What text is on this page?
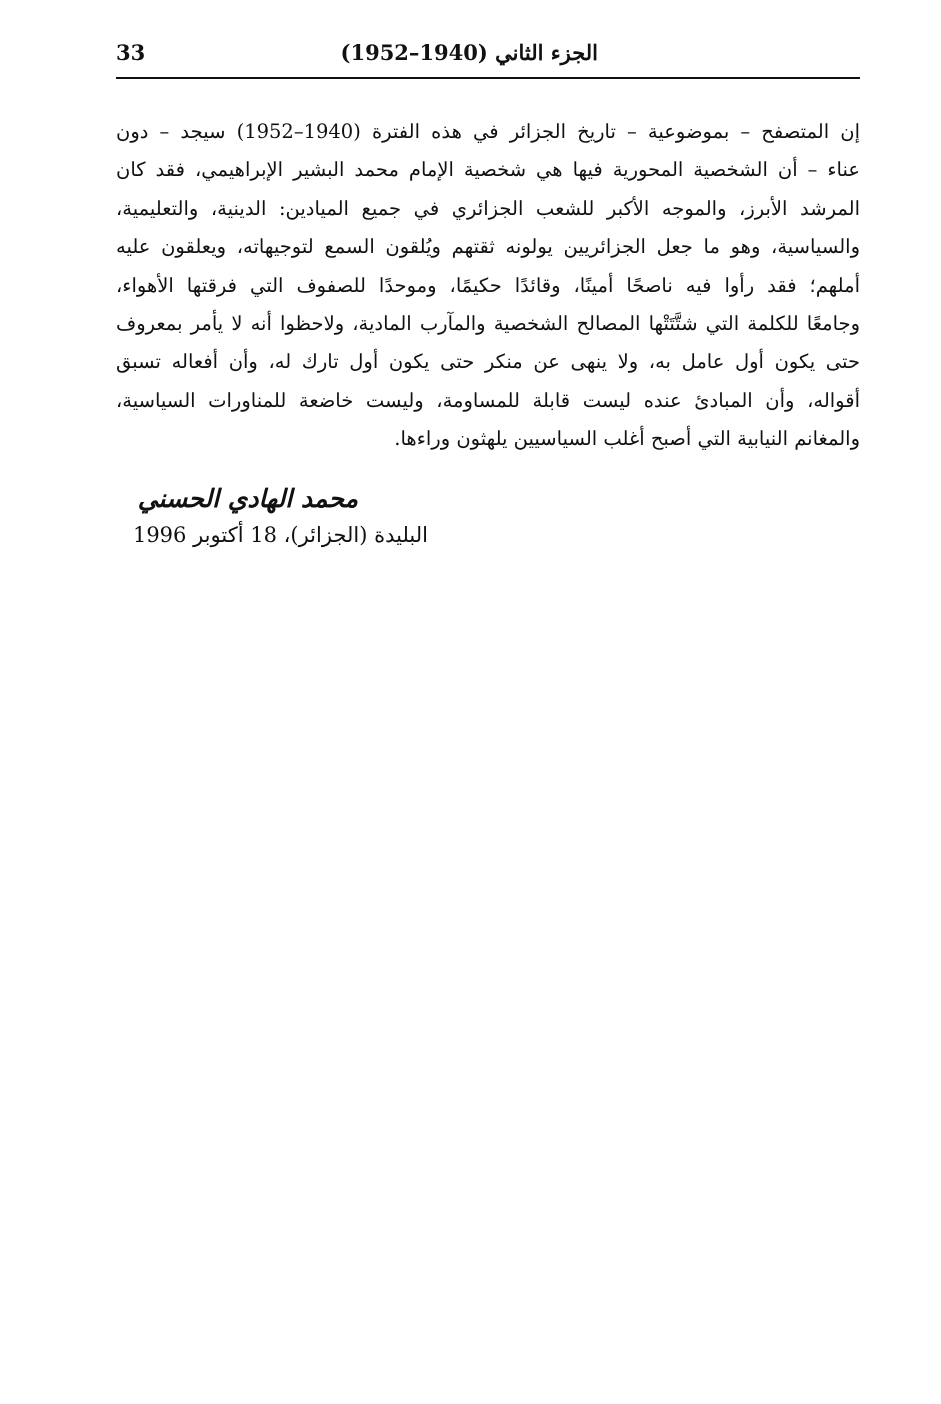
الجزء الثاني (1940–1952)
33
إن المتصفح – بموضوعية – تاريخ الجزائر في هذه الفترة (1940–1952) سيجد – دون
عناء – أن الشخصية المحورية فيها هي شخصية الإمام محمد البشير الإبراهيمي، فقد كان
المرشد الأبرز، والموجه الأكبر للشعب الجزائري في جميع الميادين: الدينية، والتعليمية،
والسياسية، وهو ما جعل الجزائريين يولونه ثقتهم ويُلقون السمع لتوجيهاته، ويعلقون عليه
أملهم؛ فقد رأوا فيه ناصحًا أمينًا، وقائدًا حكيمًا، وموحدًا للصفوف التي فرقتها الأهواء،
وجامعًا للكلمة التي شتَّتَتْها المصالح الشخصية والمآرب المادية، ولاحظوا أنه لا يأمر بمعروف
حتى يكون أول عامل به، ولا ينهى عن منكر حتى يكون أول تارك له، وأن أفعاله تسبق
أقواله، وأن المبادئ عنده ليست قابلة للمساومة، وليست خاضعة للمناورات السياسية،
والمغانم النيابية التي أصبح أغلب السياسيين يلهثون وراءها.
محمد الهادي الحسني
البليدة (الجزائر)، 18 أكتوبر 1996
